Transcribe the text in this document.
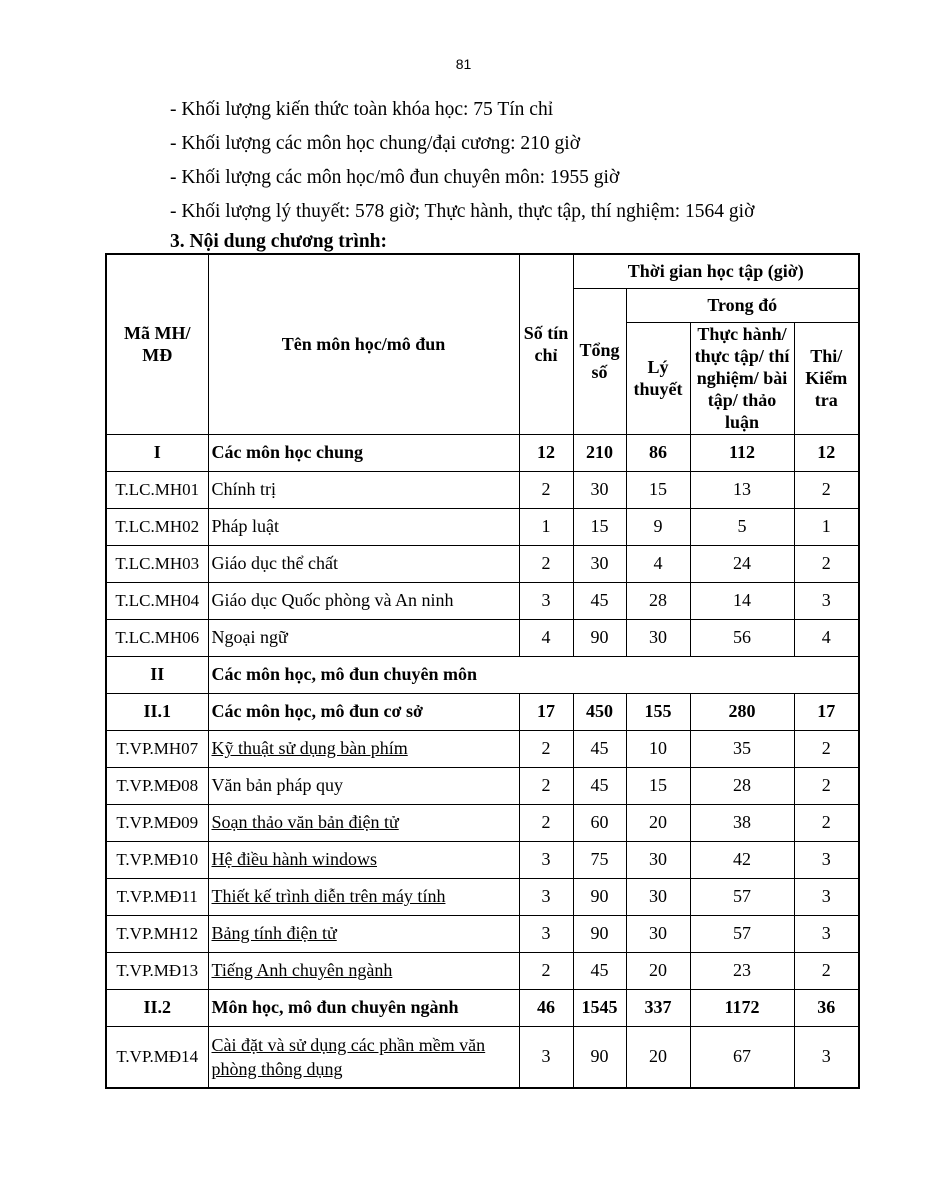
81
- Khối lượng kiến thức toàn khóa học: 75 Tín chỉ
- Khối lượng các môn học chung/đại cương: 210 giờ
- Khối lượng các môn học/mô đun chuyên môn: 1955 giờ
- Khối lượng lý thuyết: 578 giờ; Thực hành, thực tập, thí nghiệm: 1564 giờ
3. Nội dung chương trình:
Mã MH/ MĐ	Tên môn học/mô đun	Số tín chỉ	Thời gian học tập (giờ)			
			Tổng số	Trong đó		
				Lý thuyết	Thực hành/ thực tập/ thí nghiệm/ bài tập/ thảo luận	Thi/ Kiểm tra
I	Các môn học chung	12	210	86	112	12
T.LC.MH01	Chính trị	2	30	15	13	2
T.LC.MH02	Pháp luật	1	15	9	5	1
T.LC.MH03	Giáo dục thể chất	2	30	4	24	2
T.LC.MH04	Giáo dục Quốc phòng và An ninh	3	45	28	14	3
T.LC.MH06	Ngoại ngữ	4	90	30	56	4
II	Các môn học, mô đun chuyên môn					
II.1	Các môn học, mô đun cơ sở	17	450	155	280	17
T.VP.MH07	Kỹ thuật sử dụng bàn phím	2	45	10	35	2
T.VP.MĐ08	Văn bản pháp quy	2	45	15	28	2
T.VP.MĐ09	Soạn thảo văn bản điện tử	2	60	20	38	2
T.VP.MĐ10	Hệ điều hành windows	3	75	30	42	3
T.VP.MĐ11	Thiết kế trình diễn trên máy tính	3	90	30	57	3
T.VP.MH12	Bảng tính điện tử	3	90	30	57	3
T.VP.MĐ13	Tiếng Anh chuyên ngành	2	45	20	23	2
II.2	Môn học, mô đun chuyên ngành	46	1545	337	1172	36
T.VP.MĐ14	Cài đặt và sử dụng các phần mềm văn phòng thông dụng	3	90	20	67	3
